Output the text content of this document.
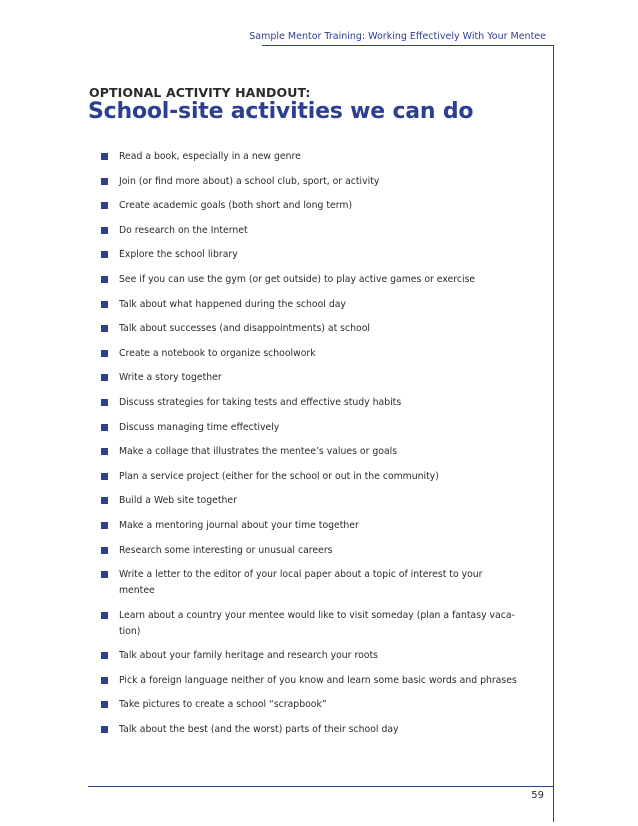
Sample Mentor Training: Working Effectively With Your Mentee
OPTIONAL ACTIVITY HANDOUT:
School-site activities we can do
Read a book, especially in a new genre
Join (or find more about) a school club, sport, or activity
Create academic goals (both short and long term)
Do research on the Internet
Explore the school library
See if you can use the gym (or get outside) to play active games or exercise
Talk about what happened during the school day
Talk about successes (and disappointments) at school
Create a notebook to organize schoolwork
Write a story together
Discuss strategies for taking tests and effective study habits
Discuss managing time effectively
Make a collage that illustrates the mentee’s values or goals
Plan a service project (either for the school or out in the community)
Build a Web site together
Make a mentoring journal about your time together
Research some interesting or unusual careers
Write a letter to the editor of your local paper about a topic of interest to your mentee
Learn about a country your mentee would like to visit someday (plan a fantasy vaca-tion)
Talk about your family heritage and research your roots
Pick a foreign language neither of you know and learn some basic words and phrases
Take pictures to create a school “scrapbook”
Talk about the best (and the worst) parts of their school day
59
